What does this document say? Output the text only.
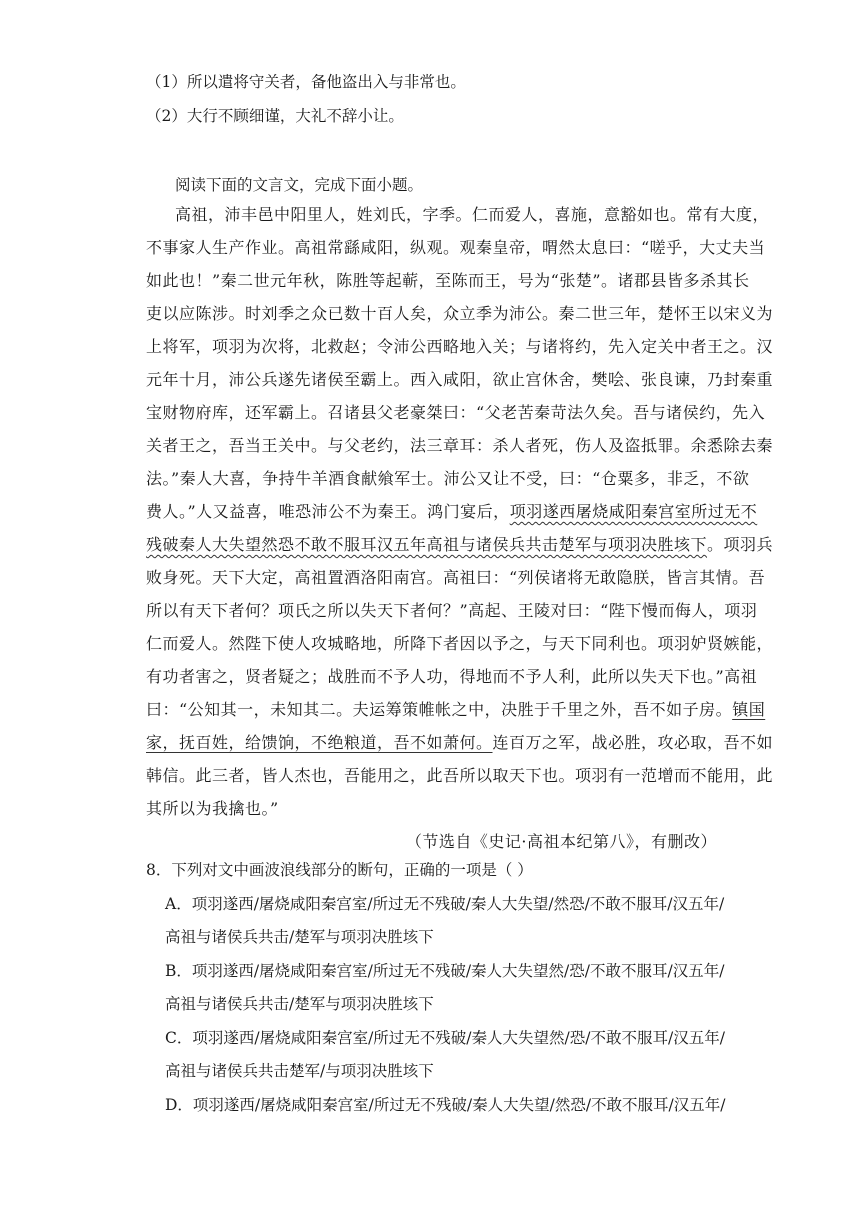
（1）所以遣将守关者，备他盗出入与非常也。
（2）大行不顾细谨，大礼不辞小让。
阅读下面的文言文，完成下面小题。
高祖，沛丰邑中阳里人，姓刘氏，字季。仁而爱人，喜施，意豁如也。常有大度，
不事家人生产作业。高祖常繇咸阳，纵观。观秦皇帝，喟然太息曰：“嗟乎，大丈夫当
如此也！”秦二世元年秋，陈胜等起蕲，至陈而王，号为“张楚”。诸郡县皆多杀其长
吏以应陈涉。时刘季之众已数十百人矣，众立季为沛公。秦二世三年，楚怀王以宋义为
上将军，项羽为次将，北救赵；令沛公西略地入关；与诸将约，先入定关中者王之。汉
元年十月，沛公兵遂先诸侯至霸上。西入咸阳，欲止宫休舍，樊哙、张良谏，乃封秦重
宝财物府库，还军霸上。召诸县父老豪桀曰：“父老苦秦苛法久矣。吾与诸侯约，先入
关者王之，吾当王关中。与父老约，法三章耳：杀人者死，伤人及盗抵罪。余悉除去秦
法。”秦人大喜，争持牛羊酒食献飨军士。沛公又让不受，曰：“仓粟多，非乏，不欲
费人。”人又益喜，唯恐沛公不为秦王。鸿门宴后， 项羽遂西屠烧咸阳秦宫室所过无不
残破秦人大失望然恐不敢不服耳汉五年高祖与诸侯兵共击楚军与项羽决胜垓下 。项羽兵
败身死。天下大定，高祖置酒洛阳南宫。高祖曰：“列侯诸将无敢隐朕，皆言其情。吾
所以有天下者何？项氏之所以失天下者何？”高起、王陵对曰：“陛下慢而侮人，项羽
仁而爱人。然陛下使人攻城略地，所降下者因以予之，与天下同利也。项羽妒贤嫉能，
有功者害之，贤者疑之；战胜而不予人功，得地而不予人利，此所以失天下也。”高祖
曰：“公知其一，未知其二。夫运筹策帷帐之中，决胜于千里之外，吾不如子房。 镇国
家，抚百姓，给馈饷，不绝粮道，吾不如萧何。 连百万之军，战必胜，攻必取，吾不如
韩信。此三者，皆人杰也，吾能用之，此吾所以取天下也。项羽有一范增而不能用，此
其所以为我擒也。”
（节选自《史记·高祖本纪第八》，有删改）
8．下列对文中画波浪线部分的断句，正确的一项是（ ）
A．项羽遂西/屠烧咸阳秦宫室/所过无不残破/秦人大失望/然恐/不敢不服耳/汉五年/
高祖与诸侯兵共击/楚军与项羽决胜垓下
B．项羽遂西/屠烧咸阳秦宫室/所过无不残破/秦人大失望然/恐/不敢不服耳/汉五年/
高祖与诸侯兵共击/楚军与项羽决胜垓下
C．项羽遂西/屠烧咸阳秦宫室/所过无不残破/秦人大失望然/恐/不敢不服耳/汉五年/
高祖与诸侯兵共击楚军/与项羽决胜垓下
D．项羽遂西/屠烧咸阳秦宫室/所过无不残破/秦人大失望/然恐/不敢不服耳/汉五年/
